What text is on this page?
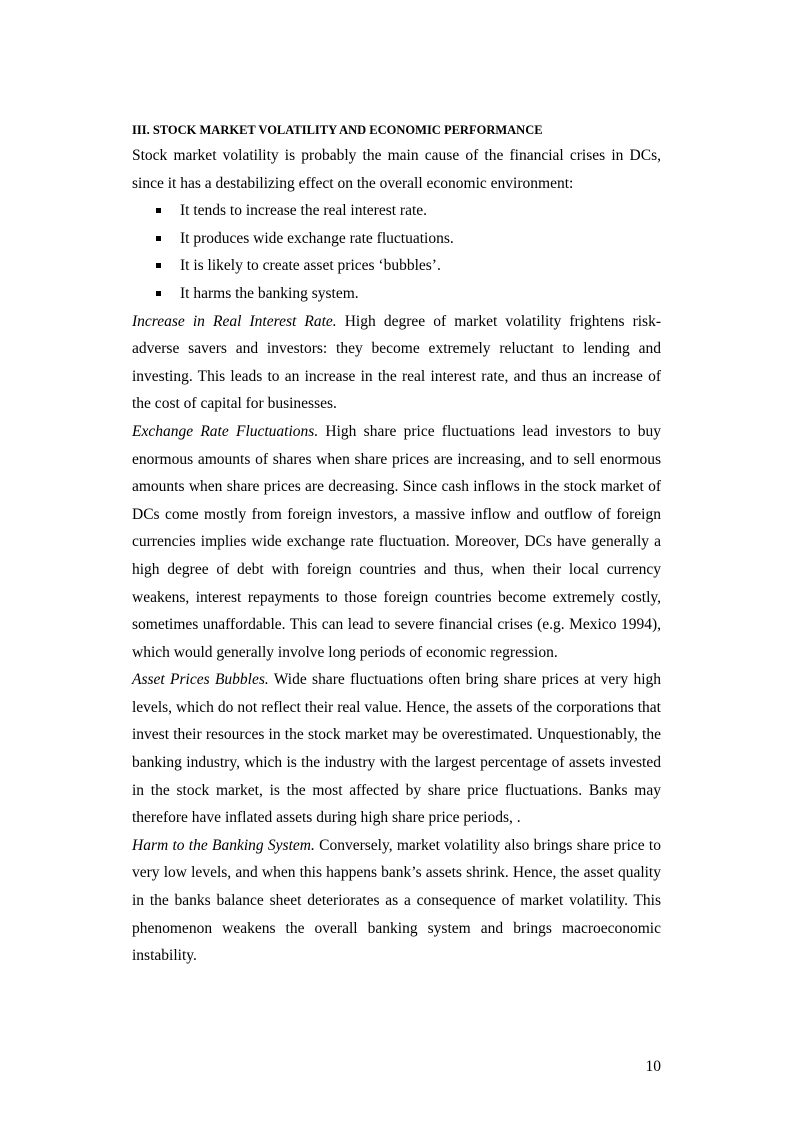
III. STOCK MARKET VOLATILITY AND ECONOMIC PERFORMANCE

Stock market volatility is probably the main cause of the financial crises in DCs, since it has a destabilizing effect on the overall economic environment:

It tends to increase the real interest rate.
It produces wide exchange rate fluctuations.
It is likely to create asset prices ‘bubbles’.
It harms the banking system.

Increase in Real Interest Rate. High degree of market volatility frightens risk-adverse savers and investors: they become extremely reluctant to lending and investing. This leads to an increase in the real interest rate, and thus an increase of the cost of capital for businesses.

Exchange Rate Fluctuations. High share price fluctuations lead investors to buy enormous amounts of shares when share prices are increasing, and to sell enormous amounts when share prices are decreasing. Since cash inflows in the stock market of DCs come mostly from foreign investors, a massive inflow and outflow of foreign currencies implies wide exchange rate fluctuation. Moreover, DCs have generally a high degree of debt with foreign countries and thus, when their local currency weakens, interest repayments to those foreign countries become extremely costly, sometimes unaffordable. This can lead to severe financial crises (e.g. Mexico 1994), which would generally involve long periods of economic regression.

Asset Prices Bubbles. Wide share fluctuations often bring share prices at very high levels, which do not reflect their real value. Hence, the assets of the corporations that invest their resources in the stock market may be overestimated. Unquestionably, the banking industry, which is the industry with the largest percentage of assets invested in the stock market, is the most affected by share price fluctuations. Banks may therefore have inflated assets during high share price periods, .

Harm to the Banking System. Conversely, market volatility also brings share price to very low levels, and when this happens bank’s assets shrink. Hence, the asset quality in the banks balance sheet deteriorates as a consequence of market volatility. This phenomenon weakens the overall banking system and brings macroeconomic instability.

10
